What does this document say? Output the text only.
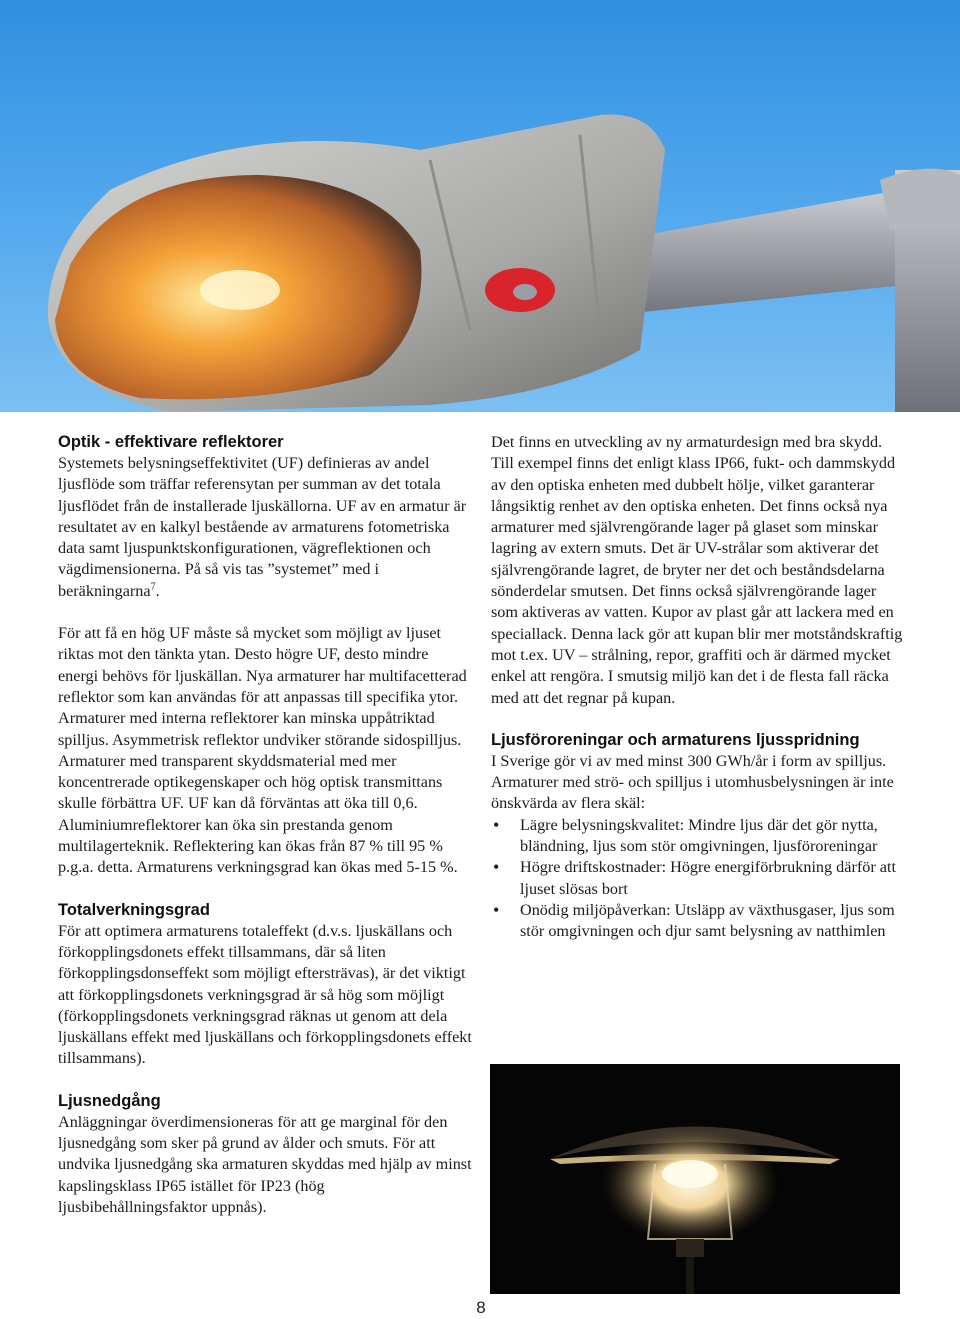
Optik - effektivare reflektorer

Systemets belysningseffektivitet (UF) definieras av andel ljusflöde som träffar referensytan per summan av det totala ljusflödet från de installerade ljuskällorna. UF av en armatur är resultatet av en kalkyl bestående av armaturens fotometriska data samt ljuspunktskonfigurationen, vägreflektionen och vägdimensionerna. På så vis tas ”systemet” med i beräkningarna$^7$.

För att få en hög UF måste så mycket som möjligt av ljuset riktas mot den tänkta ytan. Desto högre UF, desto mindre energi behövs för ljuskällan. Nya armaturer har multifacetterad reflektor som kan användas för att anpassas till specifika ytor. Armaturer med interna reflektorer kan minska uppåtriktad spilljus. Asymmetrisk reflektor undviker störande sidospilljus. Armaturer med transparent skyddsmaterial med mer koncentrerade optikegenskaper och hög optisk transmittans skulle förbättra UF. UF kan då förväntas att öka till 0,6. Aluminiumreflektorer kan öka sin prestanda genom multilagerteknik. Reflektering kan ökas från 87 % till 95 % p.g.a. detta. Armaturens verkningsgrad kan ökas med 5-15 %.

Totalverkningsgrad

För att optimera armaturens totaleffekt (d.v.s. ljuskällans och förkopplingsdonets effekt tillsammans, där så liten förkopplingsdonseffekt som möjligt eftersträvas), är det viktigt att förkopplingsdonets verkningsgrad är så hög som möjligt (förkopplingsdonets verkningsgrad räknas ut genom att dela ljuskällans effekt med ljuskällans och förkopplingsdonets effekt tillsammans).

Ljusnedgång

Anläggningar överdimensioneras för att ge marginal för den ljusnedgång som sker på grund av ålder och smuts. För att undvika ljusnedgång ska armaturen skyddas med hjälp av minst kapslingsklass IP65 istället för IP23 (hög ljusbibehållningsfaktor uppnås).

Det finns en utveckling av ny armaturdesign med bra skydd. Till exempel finns det enligt klass IP66, fukt- och dammskydd av den optiska enheten med dubbelt hölje, vilket garanterar långsiktig renhet av den optiska enheten. Det finns också nya armaturer med självrengörande lager på glaset som minskar lagring av extern smuts. Det är UV-strålar som aktiverar det självrengörande lagret, de bryter ner det och beståndsdelarna sönderdelar smutsen. Det finns också självrengörande lager som aktiveras av vatten. Kupor av plast går att lackera med en speciallack. Denna lack gör att kupan blir mer motståndskraftig mot t.ex. UV – strålning, repor, graffiti och är därmed mycket enkel att rengöra. I smutsig miljö kan det i de flesta fall räcka med att det regnar på kupan.

Ljusföroreningar och armaturens ljusspridning

I Sverige gör vi av med minst 300 GWh/år i form av spilljus. Armaturer med strö- och spilljus i utomhusbelysningen är inte önskvärda av flera skäl:

• Lägre belysningskvalitet: Mindre ljus där det gör nytta, bländning, ljus som stör omgivningen, ljusföroreningar
• Högre driftskostnader: Högre energiförbrukning därför att ljuset slösas bort
• Onödig miljöpåverkan: Utsläpp av växthusgaser, ljus som stör omgivningen och djur samt belysning av natthimlen
8
